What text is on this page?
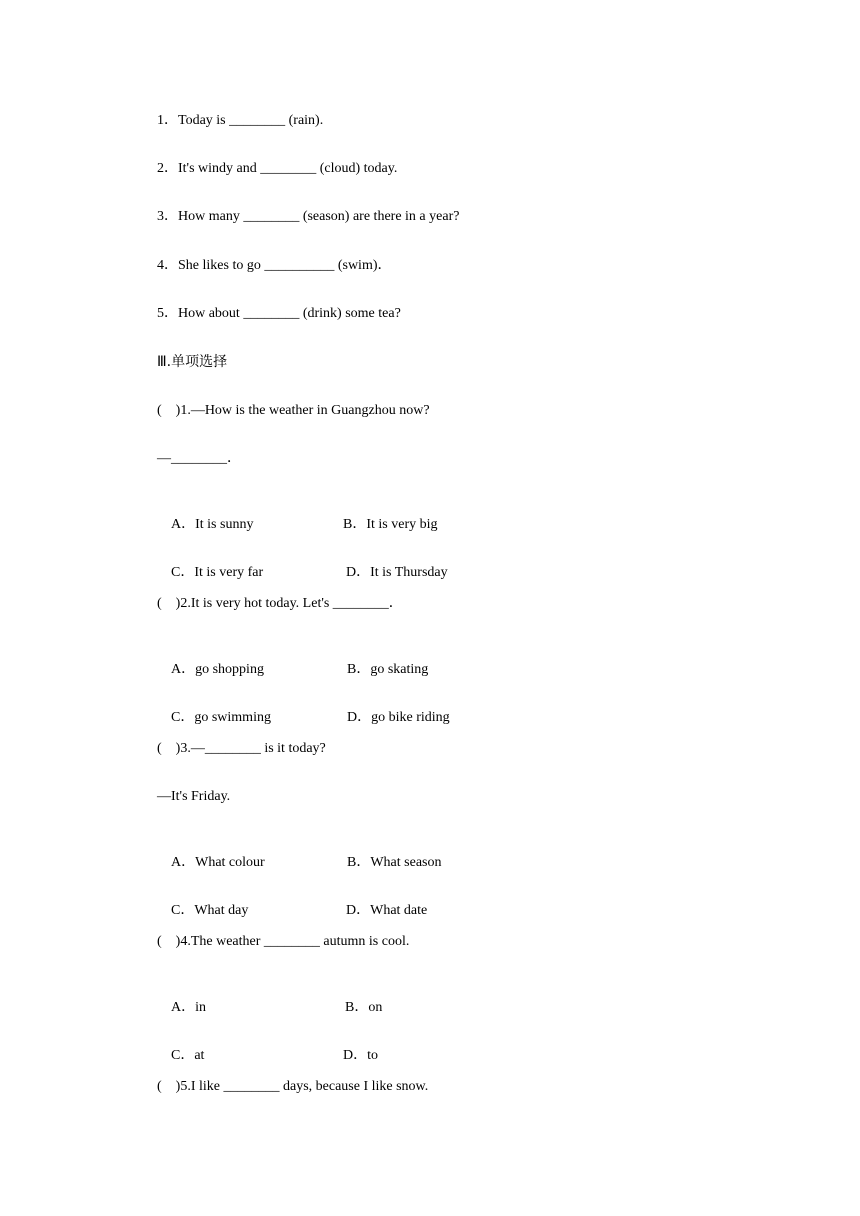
1．Today is ________ (rain).
2．It's windy and ________ (cloud) today.
3．How many ________ (season) are there in a year?
4．She likes to go __________ (swim)．
5．How about ________ (drink) some tea?
Ⅲ.单项选择
(　)1.—How is the weather in Guangzhou now?
—________．

A．It is sunny	B．It is very big

C．It is very far	D．It is Thursday

(　)2.It is very hot today. Let's ________．

A．go shopping	B．go skating

C．go swimming	D．go bike riding

(　)3.—________ is it today?
—It's Friday.

A．What colour	B．What season

C．What day	D．What date

(　)4.The weather ________ autumn is cool.

A．in	B．on

C．at	D．to

(　)5.I like ________ days, because I like snow.
